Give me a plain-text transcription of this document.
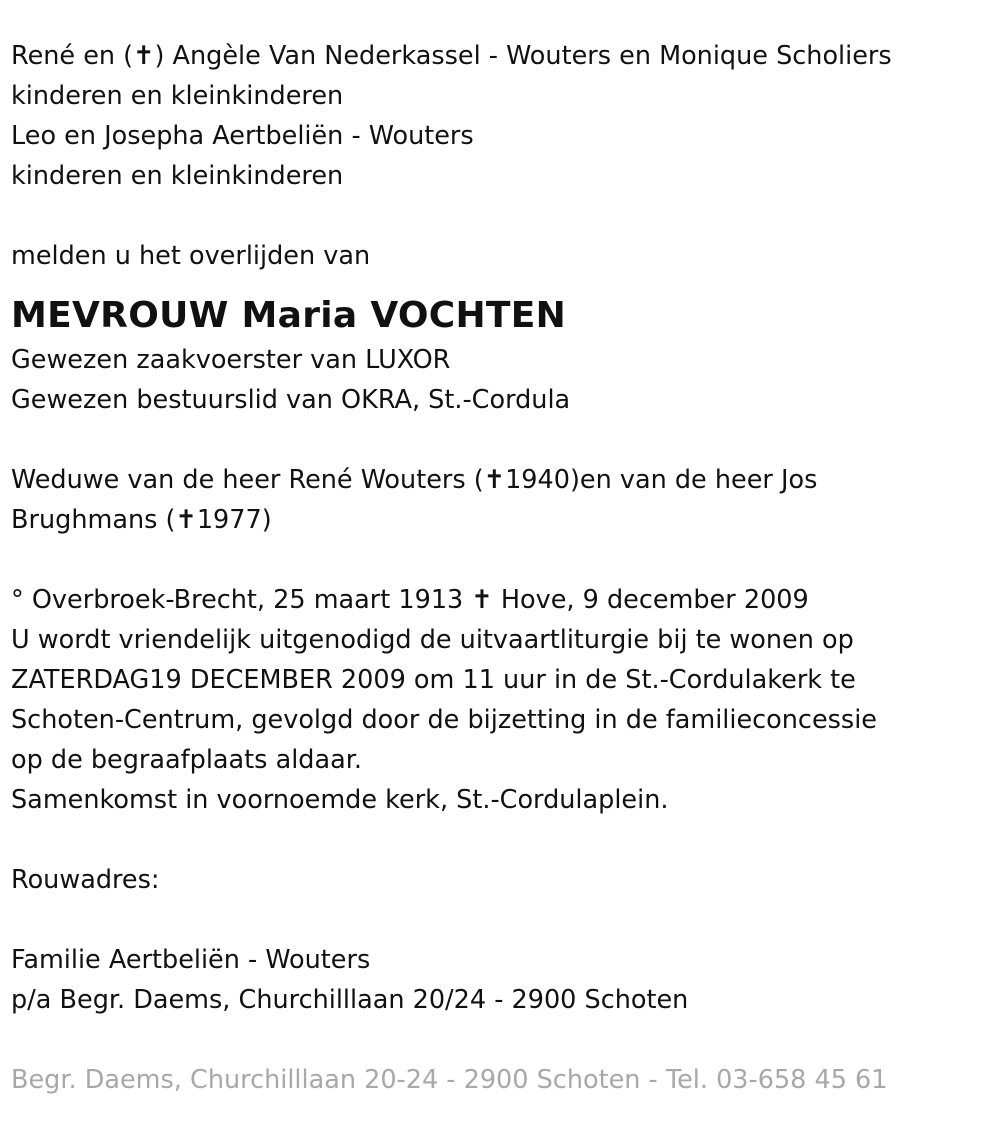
René en (✝) Angèle Van Nederkassel - Wouters en Monique Scholiers
kinderen en kleinkinderen
Leo en Josepha Aertbeliën - Wouters
kinderen en kleinkinderen
melden u het overlijden van
MEVROUW Maria VOCHTEN
Gewezen zaakvoerster van LUXOR
Gewezen bestuurslid van OKRA, St.-Cordula
Weduwe van de heer René Wouters (✝1940)en van de heer Jos
Brughmans (✝1977)
° Overbroek-Brecht, 25 maart 1913 ✝ Hove, 9 december 2009
U wordt vriendelijk uitgenodigd de uitvaartliturgie bij te wonen op
ZATERDAG19 DECEMBER 2009 om 11 uur in de St.-Cordulakerk te
Schoten-Centrum, gevolgd door de bijzetting in de familieconcessie
op de begraafplaats aldaar.
Samenkomst in voornoemde kerk, St.-Cordulaplein.
Rouwadres:
Familie Aertbeliën - Wouters
p/a Begr. Daems, Churchilllaan 20/24 - 2900 Schoten
Begr. Daems, Churchilllaan 20-24 - 2900 Schoten - Tel. 03-658 45 61
